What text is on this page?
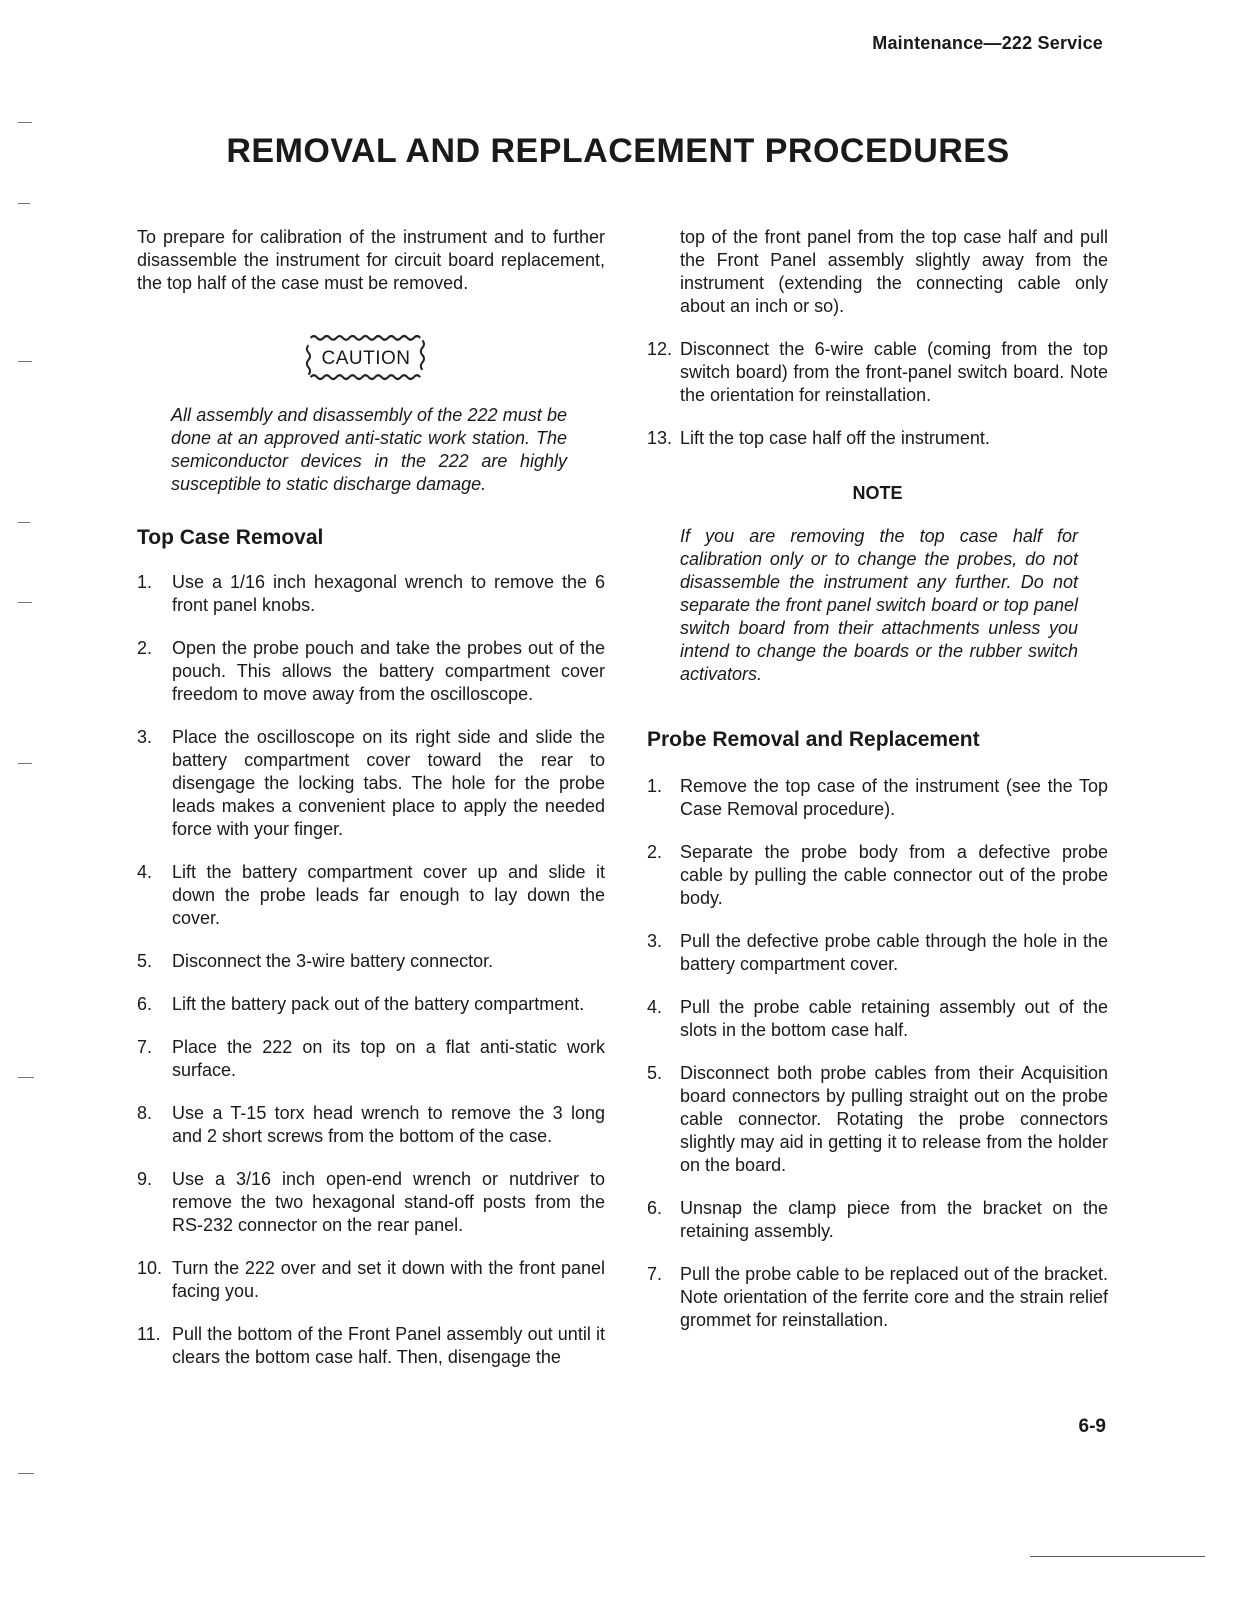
Maintenance—222 Service
REMOVAL AND REPLACEMENT PROCEDURES

To prepare for calibration of the instrument and to further disassemble the instrument for circuit board replacement, the top half of the case must be removed.

CAUTION

All assembly and disassembly of the 222 must be done at an approved anti-static work station. The semiconductor devices in the 222 are highly susceptible to static discharge damage.

Top Case Removal
1.	Use a 1/16 inch hexagonal wrench to remove the 6 front panel knobs.
2.	Open the probe pouch and take the probes out of the pouch. This allows the battery compartment cover freedom to move away from the oscilloscope.
3.	Place the oscilloscope on its right side and slide the battery compartment cover toward the rear to disengage the locking tabs. The hole for the probe leads makes a convenient place to apply the needed force with your finger.
4.	Lift the battery compartment cover up and slide it down the probe leads far enough to lay down the cover.
5.	Disconnect the 3-wire battery connector.
6.	Lift the battery pack out of the battery compartment.
7.	Place the 222 on its top on a flat anti-static work surface.
8.	Use a T-15 torx head wrench to remove the 3 long and 2 short screws from the bottom of the case.
9.	Use a 3/16 inch open-end wrench or nutdriver to remove the two hexagonal stand-off posts from the RS-232 connector on the rear panel.
10. Turn the 222 over and set it down with the front panel facing you.
11. Pull the bottom of the Front Panel assembly out until it clears the bottom case half. Then, disengage the

top of the front panel from the top case half and pull the Front Panel assembly slightly away from the instrument (extending the connecting cable only about an inch or so).

12. Disconnect the 6-wire cable (coming from the top switch board) from the front-panel switch board. Note the orientation for reinstallation.
13. Lift the top case half off the instrument.
NOTE

If you are removing the top case half for calibration only or to change the probes, do not disassemble the instrument any further. Do not separate the front panel switch board or top panel switch board from their attachments unless you intend to change the boards or the rubber switch activators.

Probe Removal and Replacement
1. Remove the top case of the instrument (see the Top Case Removal procedure).
2. Separate the probe body from a defective probe cable by pulling the cable connector out of the probe body.
3. Pull the defective probe cable through the hole in the battery compartment cover.
4. Pull the probe cable retaining assembly out of the slots in the bottom case half.
5. Disconnect both probe cables from their Acquisition board connectors by pulling straight out on the probe cable connector. Rotating the probe connectors slightly may aid in getting it to release from the holder on the board.
6. Unsnap the clamp piece from the bracket on the retaining assembly.
7. Pull the probe cable to be replaced out of the bracket. Note orientation of the ferrite core and the strain relief grommet for reinstallation.
6-9
